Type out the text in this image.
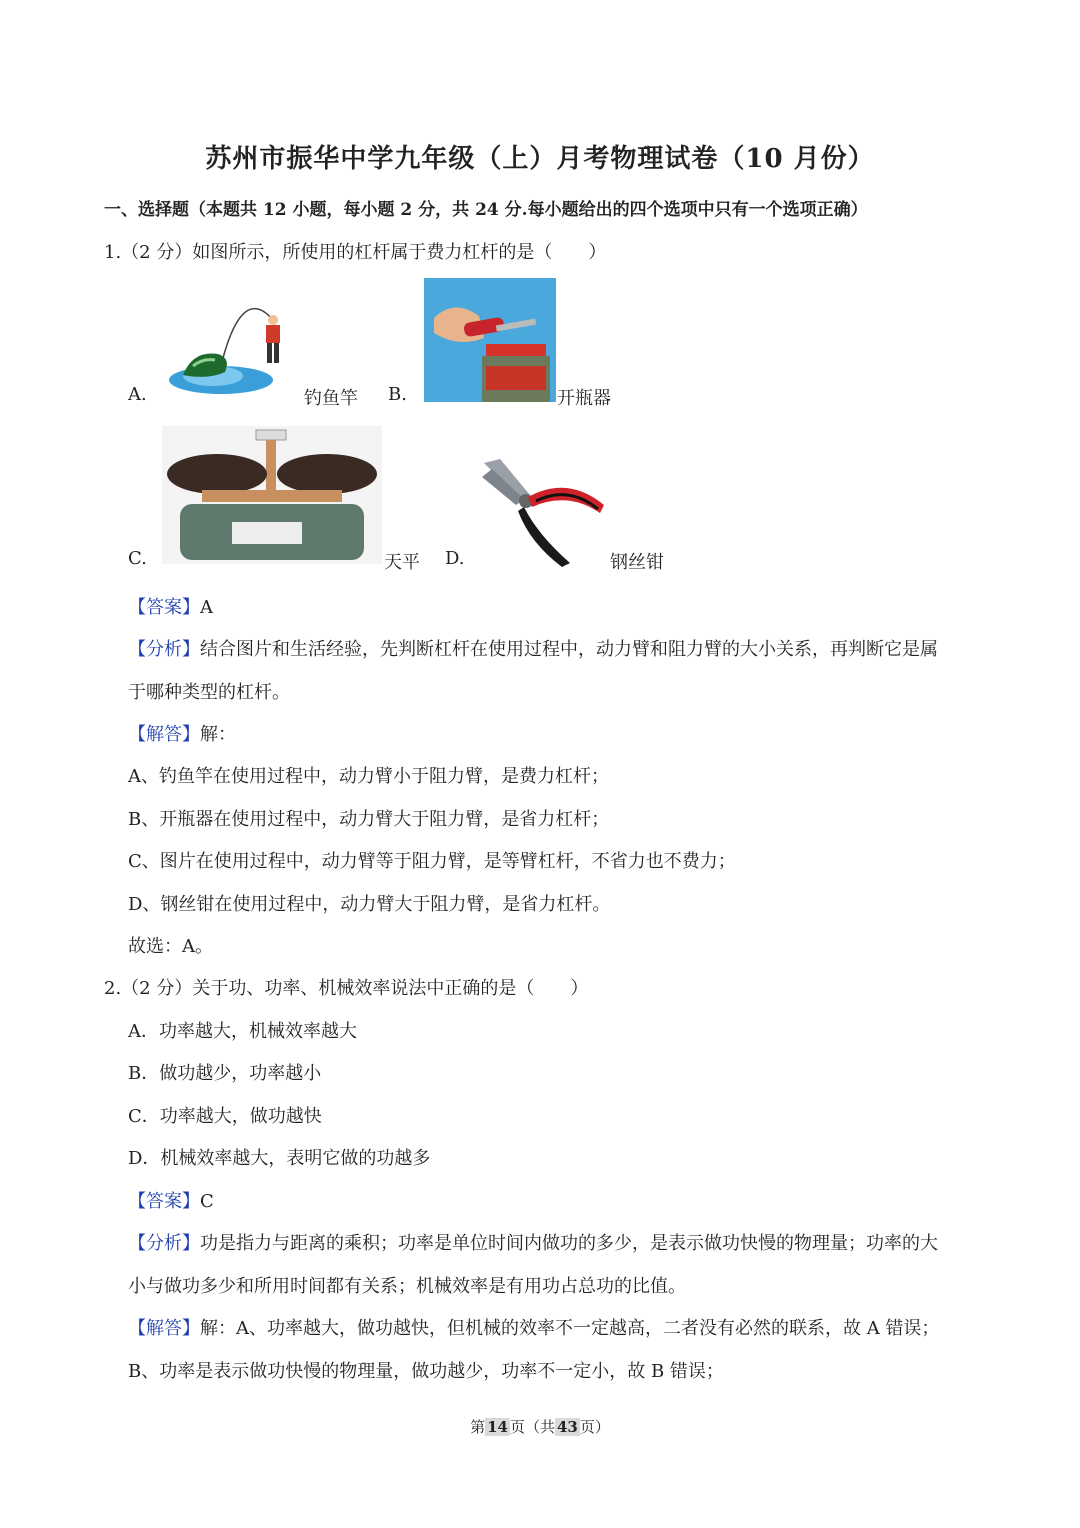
苏州市振华中学九年级（上）月考物理试卷（10 月份）
一、选择题（本题共 12 小题，每小题 2 分，共 24 分.每小题给出的四个选项中只有一个选项正确）
1.（2 分）如图所示，所使用的杠杆属于费力杠杆的是（　　）
A.	钓鱼竿 B.	开瓶器
C.	天平 D.	钢丝钳
【答案】A
【分析】结合图片和生活经验，先判断杠杆在使用过程中，动力臂和阻力臂的大小关系，再判断它是属
于哪种类型的杠杆。
【解答】解：
A、钓鱼竿在使用过程中，动力臂小于阻力臂，是费力杠杆；
B、开瓶器在使用过程中，动力臂大于阻力臂，是省力杠杆；
C、图片在使用过程中，动力臂等于阻力臂，是等臂杠杆，不省力也不费力；
D、钢丝钳在使用过程中，动力臂大于阻力臂，是省力杠杆。
故选：A。
2.（2 分）关于功、功率、机械效率说法中正确的是（　　）
A．功率越大，机械效率越大
B．做功越少，功率越小
C．功率越大，做功越快
D．机械效率越大，表明它做的功越多
【答案】C
【分析】功是指力与距离的乘积；功率是单位时间内做功的多少，是表示做功快慢的物理量；功率的大
小与做功多少和所用时间都有关系；机械效率是有用功占总功的比值。
【解答】解：A、功率越大，做功越快，但机械的效率不一定越高，二者没有必然的联系，故 A 错误；
B、功率是表示做功快慢的物理量，做功越少，功率不一定小，故 B 错误；
第 14 页（共 43 页）
